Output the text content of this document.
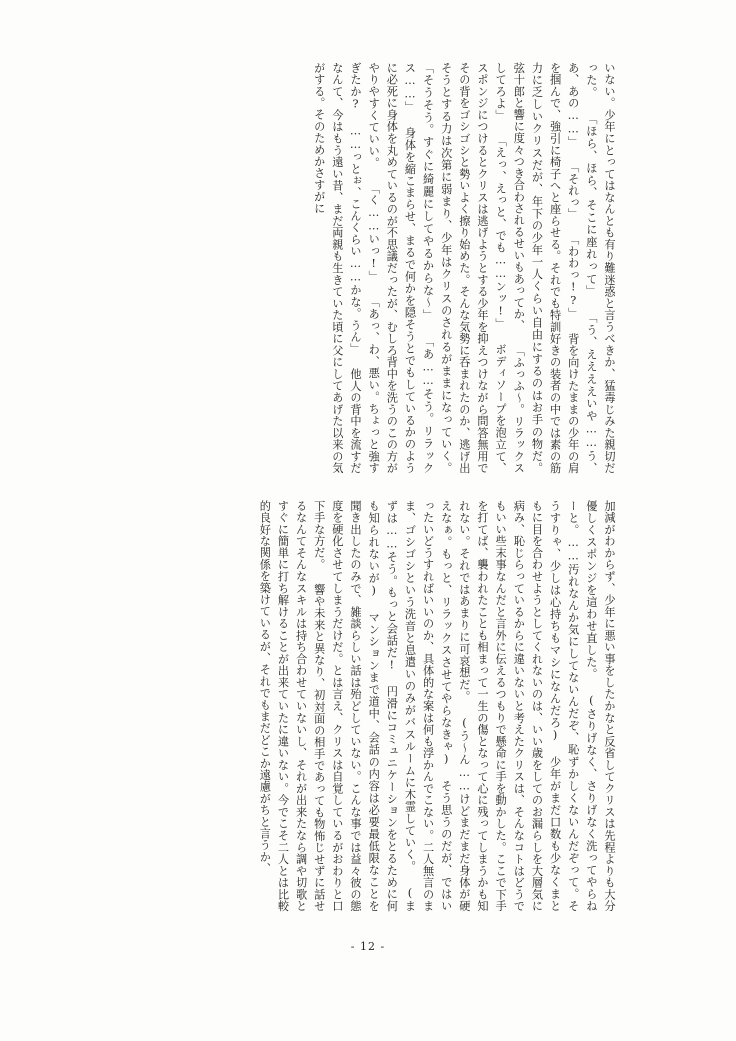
いない。少年にとってはなんとも有り難迷惑と言うべきか、猛毒じみた親切だった。 「ほら、ほら、そこに座れって」 「う、ええええいや……う、あ、あの……」 「それっ」 「わわっ!?」 背を向けたままの少年の肩を掴んで、強引に椅子へと座らせる。それでも特訓好きの装者の中では素の筋力に乏しいクリスだが、年下の少年一人くらい自由にするのはお手の物だ。 弦十郎と響に度々つき合わされるせいもあってか、 「ふっふ〜。リラックスしてろよ」 「えっ、えっと、でも……ンッ!」 ボディソープを泡立て、スポンジにつけるとクリスは逃げようとする少年を抑えつけながら問答無用でその背をゴシゴシと勢いよく擦り始めた。そんな気勢に呑まれたのか、逃げ出そうとする力は次第に弱まり、少年はクリスのされるがままになっていく。 「そうそう。すぐに綺麗にしてやるからな〜」 「あ……そう。リラックス……」 身体を縮こまらせ、まるで何かを隠そうとでもしているかのように必死に身体を丸めているのが不思議だったが、むしろ背中を洗うのこの方がやりやすくていい。 「く……いっ!」 「あっ、わ、悪い。ちょっと強すぎたか? ……っとぉ、こんくらい……かな。うん」 他人の背中を流すだなんて、今はもう遠い昔、まだ両親も生きていた頃に父にしてあげた以来の気がする。そのためかさすがに
加減がわからず、少年に悪い事をしたかなと反省してクリスは先程よりも大分優しくスポンジを這わせ直した。 (さりげなく、さりげなく洗ってやらねーと。……汚れなんか気にしてないんだぞ、恥ずかしくないんだぞって。そうすりゃ、少しは心持ちもマシになんだろ) 少年がまだ口数も少なくまともに目を合わせようとしてくれないのは、いい歳をしてのお漏らしを大層気に病み、恥じらっているからに違いないと考えたクリスは、そんなコトはどうでもいい些末事なんだと言外に伝えるつもりで懸命に手を動かした。ここで下手を打てば、襲われたことも相まって一生の傷となって心に残ってしまうかも知れない。それではあまりに可哀想だ。 (う〜ん……けどまだまだ身体が硬えなぁ。もっと、リラックスさせてやらなきゃ) そう思うのだが、ではいったいどうすればいいのか、具体的な案は何も浮かんでこない。二人無言のまま、ゴシゴシという洗音と息遣いのみがバスルームに木霊していく。 (まずは……そう。もっと会話だ! 円滑にコミュニケーションをとるために何も知られないが) マンションまで道中、会話の内容は必要最低限なことを聞き出したのみで、雑談らしい話は殆どしていない。こんな事では益々彼の態度を硬化させてしまうだけだ。とは言え、クリスは自覚しているがおわりと口下手な方だ。 響や未来と異なり、初対面の相手であっても物怖じせずに話せるなんてそんなスキルは持ち合わせていないし、それが出来たなら調や切歌とすぐに簡単に打ち解けることが出来ていたに違いない。今でこそ二人とは比較的良好な関係を築けているが、それでもまだどこか遠慮がちと言うか、
- 12 -
